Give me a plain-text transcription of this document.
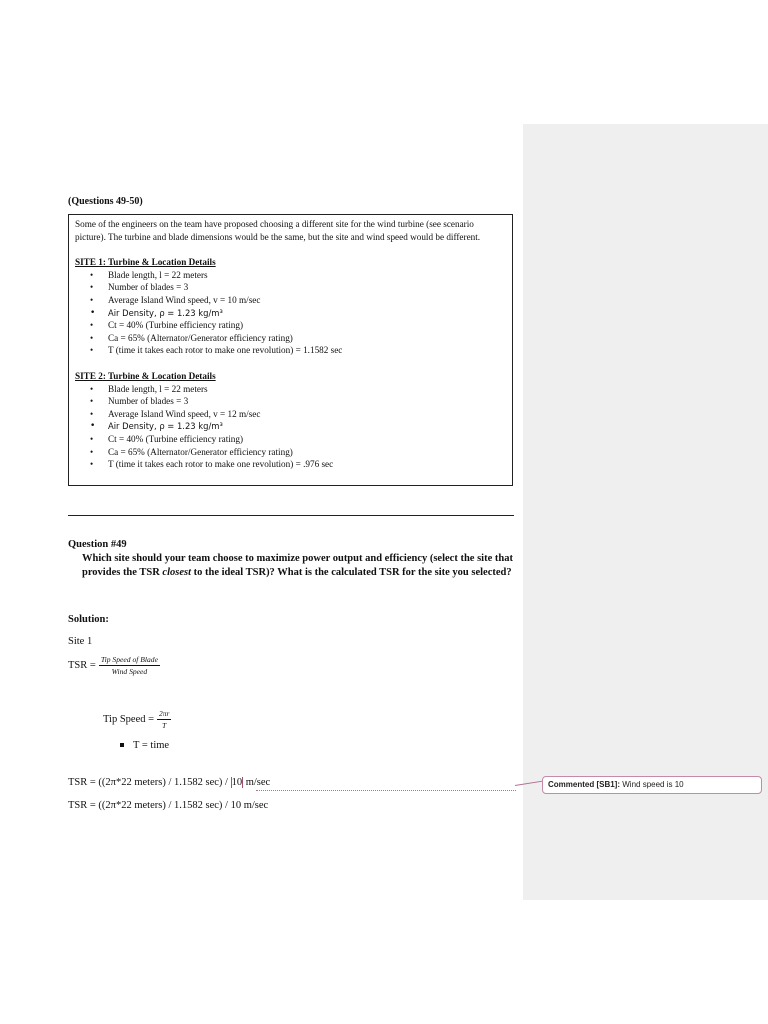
(Questions 49-50)

Some of the engineers on the team have proposed choosing a different site for the wind turbine (see scenario picture). The turbine and blade dimensions would be the same, but the site and wind speed would be different.

SITE 1: Turbine & Location Details

• Blade length, l = 22 meters
• Number of blades = 3
• Average Island Wind speed, v = 10 m/sec
• Air Density, ρ = 1.23 kg/m³
• Ct = 40% (Turbine efficiency rating)
• Ca = 65% (Alternator/Generator efficiency rating)
• T (time it takes each rotor to make one revolution) = 1.1582 sec

SITE 2: Turbine & Location Details

• Blade length, l = 22 meters
• Number of blades = 3
• Average Island Wind speed, v = 12 m/sec
• Air Density, ρ = 1.23 kg/m³
• Ct = 40% (Turbine efficiency rating)
• Ca = 65% (Alternator/Generator efficiency rating)
• T (time it takes each rotor to make one revolution) = .976 sec
Question #49
Which site should your team choose to maximize power output and efficiency (select the site that provides the TSR closest to the ideal TSR)? What is the calculated TSR for the site you selected?
Solution:
Site 1
TSR = $\frac{\text{Tip Speed of Blade}}{\text{Wind Speed}}$
Tip Speed = $\frac{2\pi r}{T}$
T = time
TSR = ((2π*22 meters) / 1.1582 sec) / 10 m/sec
TSR = ((2π*22 meters) / 1.1582 sec) / 10 m/sec
Commented [SB1]: Wind speed is 10
